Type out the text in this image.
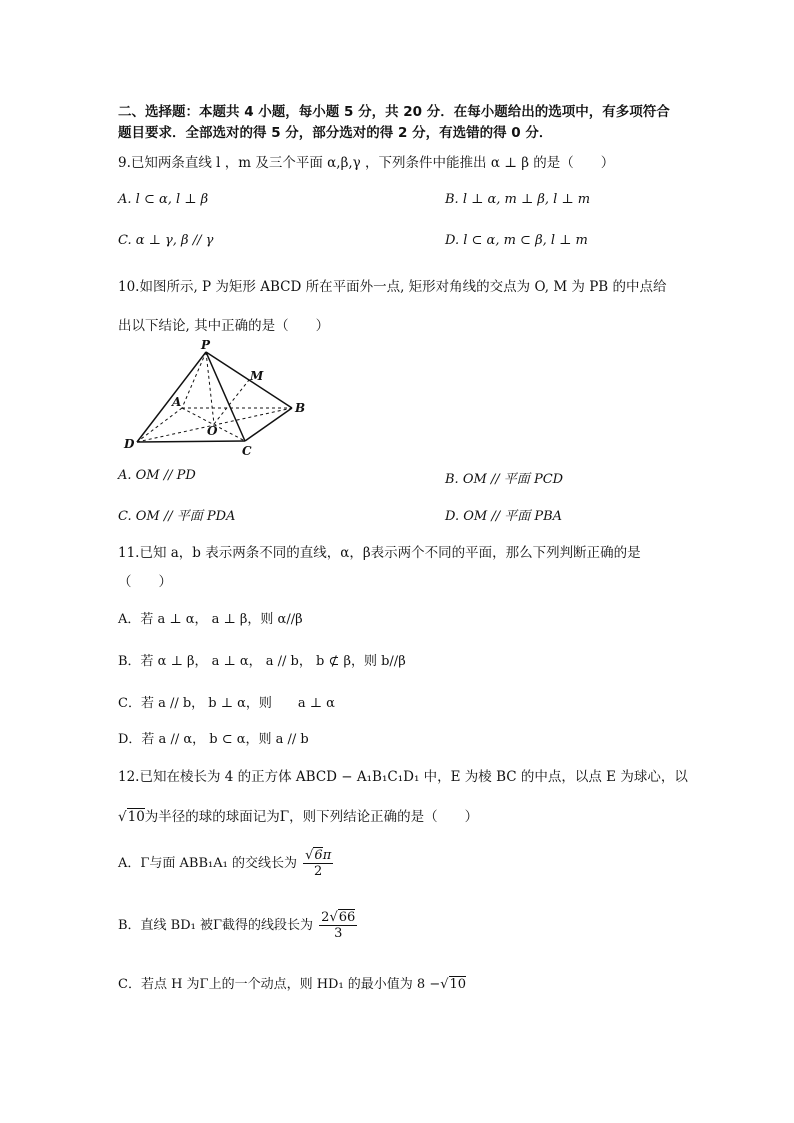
二、选择题：本题共 4 小题，每小题 5 分，共 20 分．在每小题给出的选项中，有多项符合
题目要求．全部选对的得 5 分，部分选对的得 2 分，有选错的得 0 分．
9.已知两条直线 l ，m 及三个平面 α,β,γ ，下列条件中能推出 α ⊥ β 的是（　　）
A. l ⊂ α, l ⊥ β	B. l ⊥ α, m ⊥ β, l ⊥ m
C. α ⊥ γ, β // γ	D. l ⊂ α, m ⊂ β, l ⊥ m
10.如图所示, P 为矩形 ABCD 所在平面外一点, 矩形对角线的交点为 O, M 为 PB 的中点给
出以下结论, 其中正确的是（　　）
P
M
A	B
O
D	C
A. OM // PD	B. OM // 平面 PCD
C. OM // 平面 PDA	D. OM // 平面 PBA
11.已知 a，b 表示两条不同的直线，α，β表示两个不同的平面，那么下列判断正确的是
（　　）
A．若 a ⊥ α， a ⊥ β，则 α//β
B．若 α ⊥ β， a ⊥ α， a // b， b ⊄ β，则 b//β
C．若 a // b， b ⊥ α，则　　a ⊥ α
D．若 a // α， b ⊂ α，则 a // b
12.已知在棱长为 4 的正方体 ABCD − A₁B₁C₁D₁ 中，E 为棱 BC 的中点，以点 E 为球心，以
√10为半径的球的球面记为Γ，则下列结论正确的是（　　）
A．Γ与面 ABB₁A₁ 的交线长为 $\frac{√6\pi}{2}$
B．直线 BD₁ 被Γ截得的线段长为 $\frac{2√66}{3}$
C．若点 H 为Γ上的一个动点，则 HD₁ 的最小值为 8 −√10
